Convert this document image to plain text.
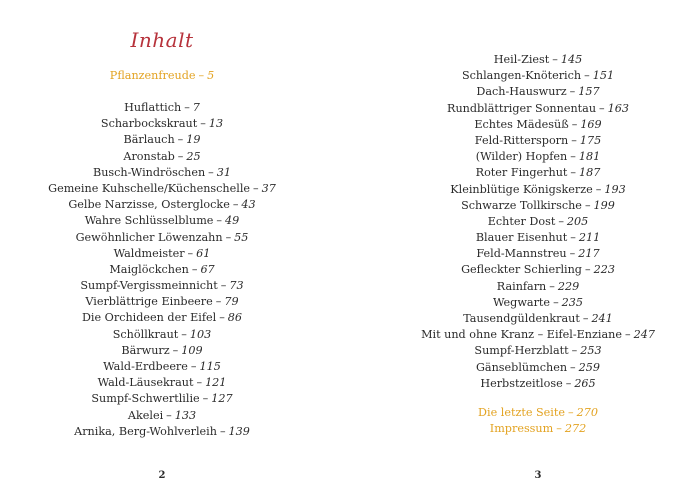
Inhalt
Pflanzenfreude – 5
Huflattich – 7
Scharbockskraut – 13
Bärlauch – 19
Aronstab – 25
Busch-Windröschen – 31
Gemeine Kuhschelle/Küchenschelle – 37
Gelbe Narzisse, Osterglocke – 43
Wahre Schlüsselblume – 49
Gewöhnlicher Löwenzahn – 55
Waldmeister – 61
Maiglöckchen – 67
Sumpf-Vergissmeinnicht – 73
Vierblättrige Einbeere – 79
Die Orchideen der Eifel – 86
Schöllkraut – 103
Bärwurz – 109
Wald-Erdbeere – 115
Wald-Läusekraut – 121
Sumpf-Schwertlilie – 127
Akelei – 133
Arnika, Berg-Wohlverleih – 139
2
Heil-Ziest – 145
Schlangen-Knöterich – 151
Dach-Hauswurz – 157
Rundblättriger Sonnentau – 163
Echtes Mädesüß – 169
Feld-Rittersporn – 175
(Wilder) Hopfen – 181
Roter Fingerhut – 187
Kleinblütige Königskerze – 193
Schwarze Tollkirsche – 199
Echter Dost – 205
Blauer Eisenhut – 211
Feld-Mannstreu – 217
Gefleckter Schierling – 223
Rainfarn – 229
Wegwarte – 235
Tausendgüldenkraut – 241
Mit und ohne Kranz – Eifel-Enziane – 247
Sumpf-Herzblatt – 253
Gänseblümchen – 259
Herbstzeitlose – 265
Die letzte Seite – 270
Impressum – 272
3
